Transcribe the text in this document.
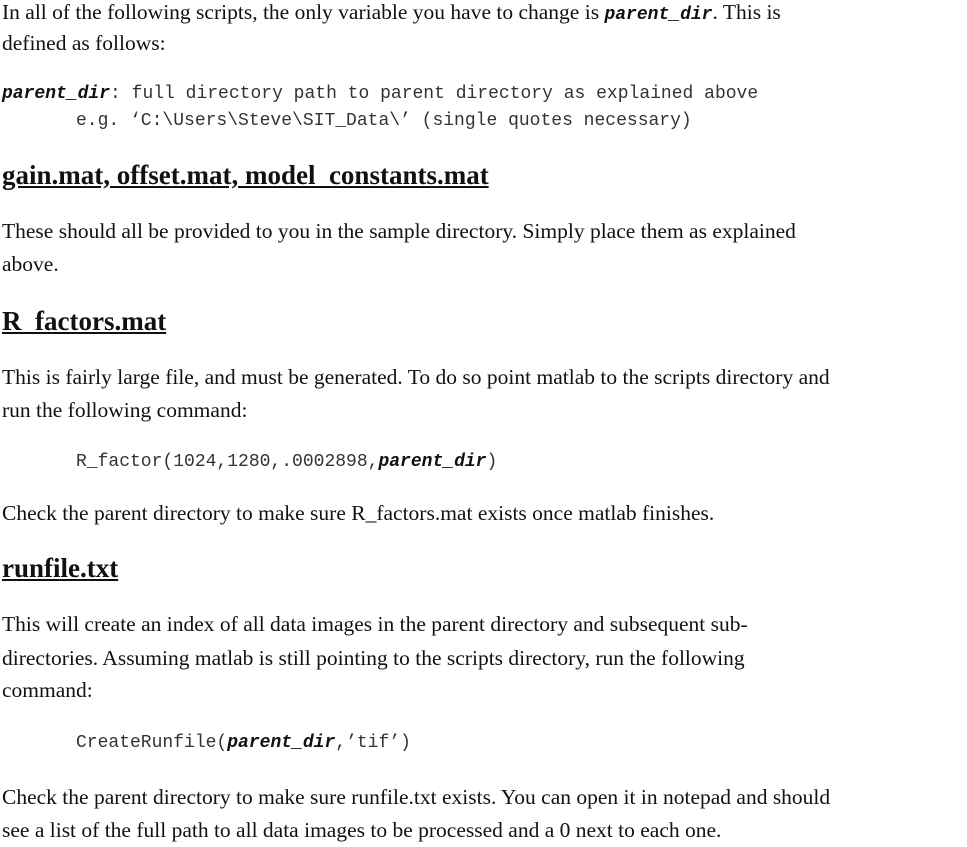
In all of the following scripts, the only variable you have to change is parent_dir. This is
defined as follows:
parent_dir: full directory path to parent directory as explained above
e.g. ‘C:\Users\Steve\SIT_Data\’ (single quotes necessary)
gain.mat, offset.mat, model_constants.mat
These should all be provided to you in the sample directory. Simply place them as explained
above.
R_factors.mat
This is fairly large file, and must be generated. To do so point matlab to the scripts directory and
run the following command:
R_factor(1024,1280,.0002898,parent_dir)
Check the parent directory to make sure R_factors.mat exists once matlab finishes.
runfile.txt
This will create an index of all data images in the parent directory and subsequent sub-
directories. Assuming matlab is still pointing to the scripts directory, run the following
command:
CreateRunfile(parent_dir,’tif’)
Check the parent directory to make sure runfile.txt exists. You can open it in notepad and should
see a list of the full path to all data images to be processed and a 0 next to each one.
